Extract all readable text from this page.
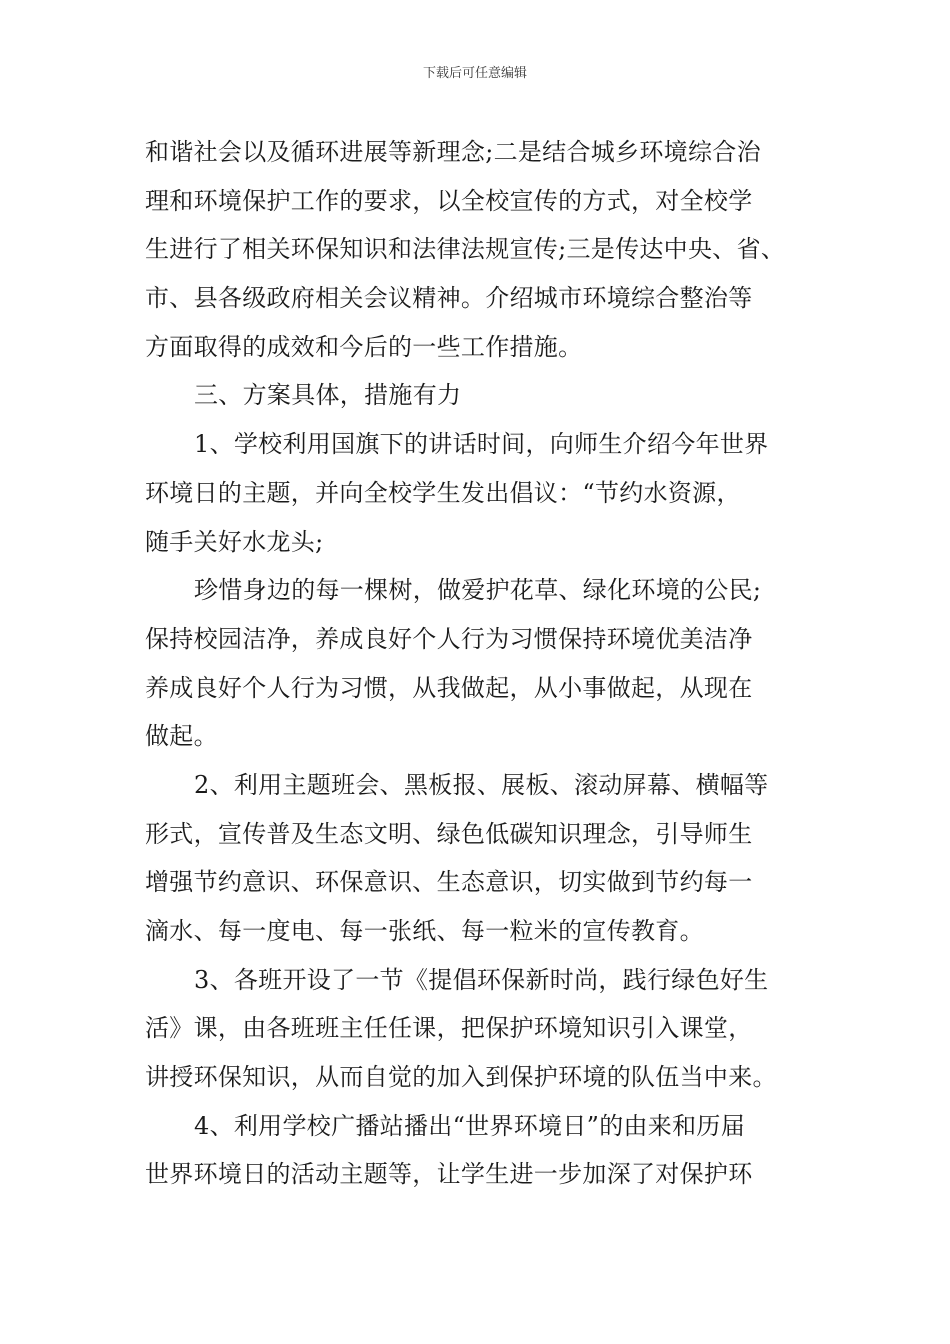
下载后可任意编辑
和谐社会以及循环进展等新理念;二是结合城乡环境综合治
理和环境保护工作的要求，以全校宣传的方式，对全校学
生进行了相关环保知识和法律法规宣传;三是传达中央、省、
市、县各级政府相关会议精神。介绍城市环境综合整治等
方面取得的成效和今后的一些工作措施。
三、方案具体，措施有力
1、学校利用国旗下的讲话时间，向师生介绍今年世界
环境日的主题，并向全校学生发出倡议：“节约水资源，
随手关好水龙头;
珍惜身边的每一棵树，做爱护花草、绿化环境的公民;
保持校园洁净，养成良好个人行为习惯保持环境优美洁净
养成良好个人行为习惯，从我做起，从小事做起，从现在
做起。
2、利用主题班会、黑板报、展板、滚动屏幕、横幅等
形式，宣传普及生态文明、绿色低碳知识理念，引导师生
增强节约意识、环保意识、生态意识，切实做到节约每一
滴水、每一度电、每一张纸、每一粒米的宣传教育。
3、各班开设了一节《提倡环保新时尚，践行绿色好生
活》课，由各班班主任任课，把保护环境知识引入课堂，
讲授环保知识，从而自觉的加入到保护环境的队伍当中来。
4、利用学校广播站播出“世界环境日”的由来和历届
世界环境日的活动主题等，让学生进一步加深了对保护环
